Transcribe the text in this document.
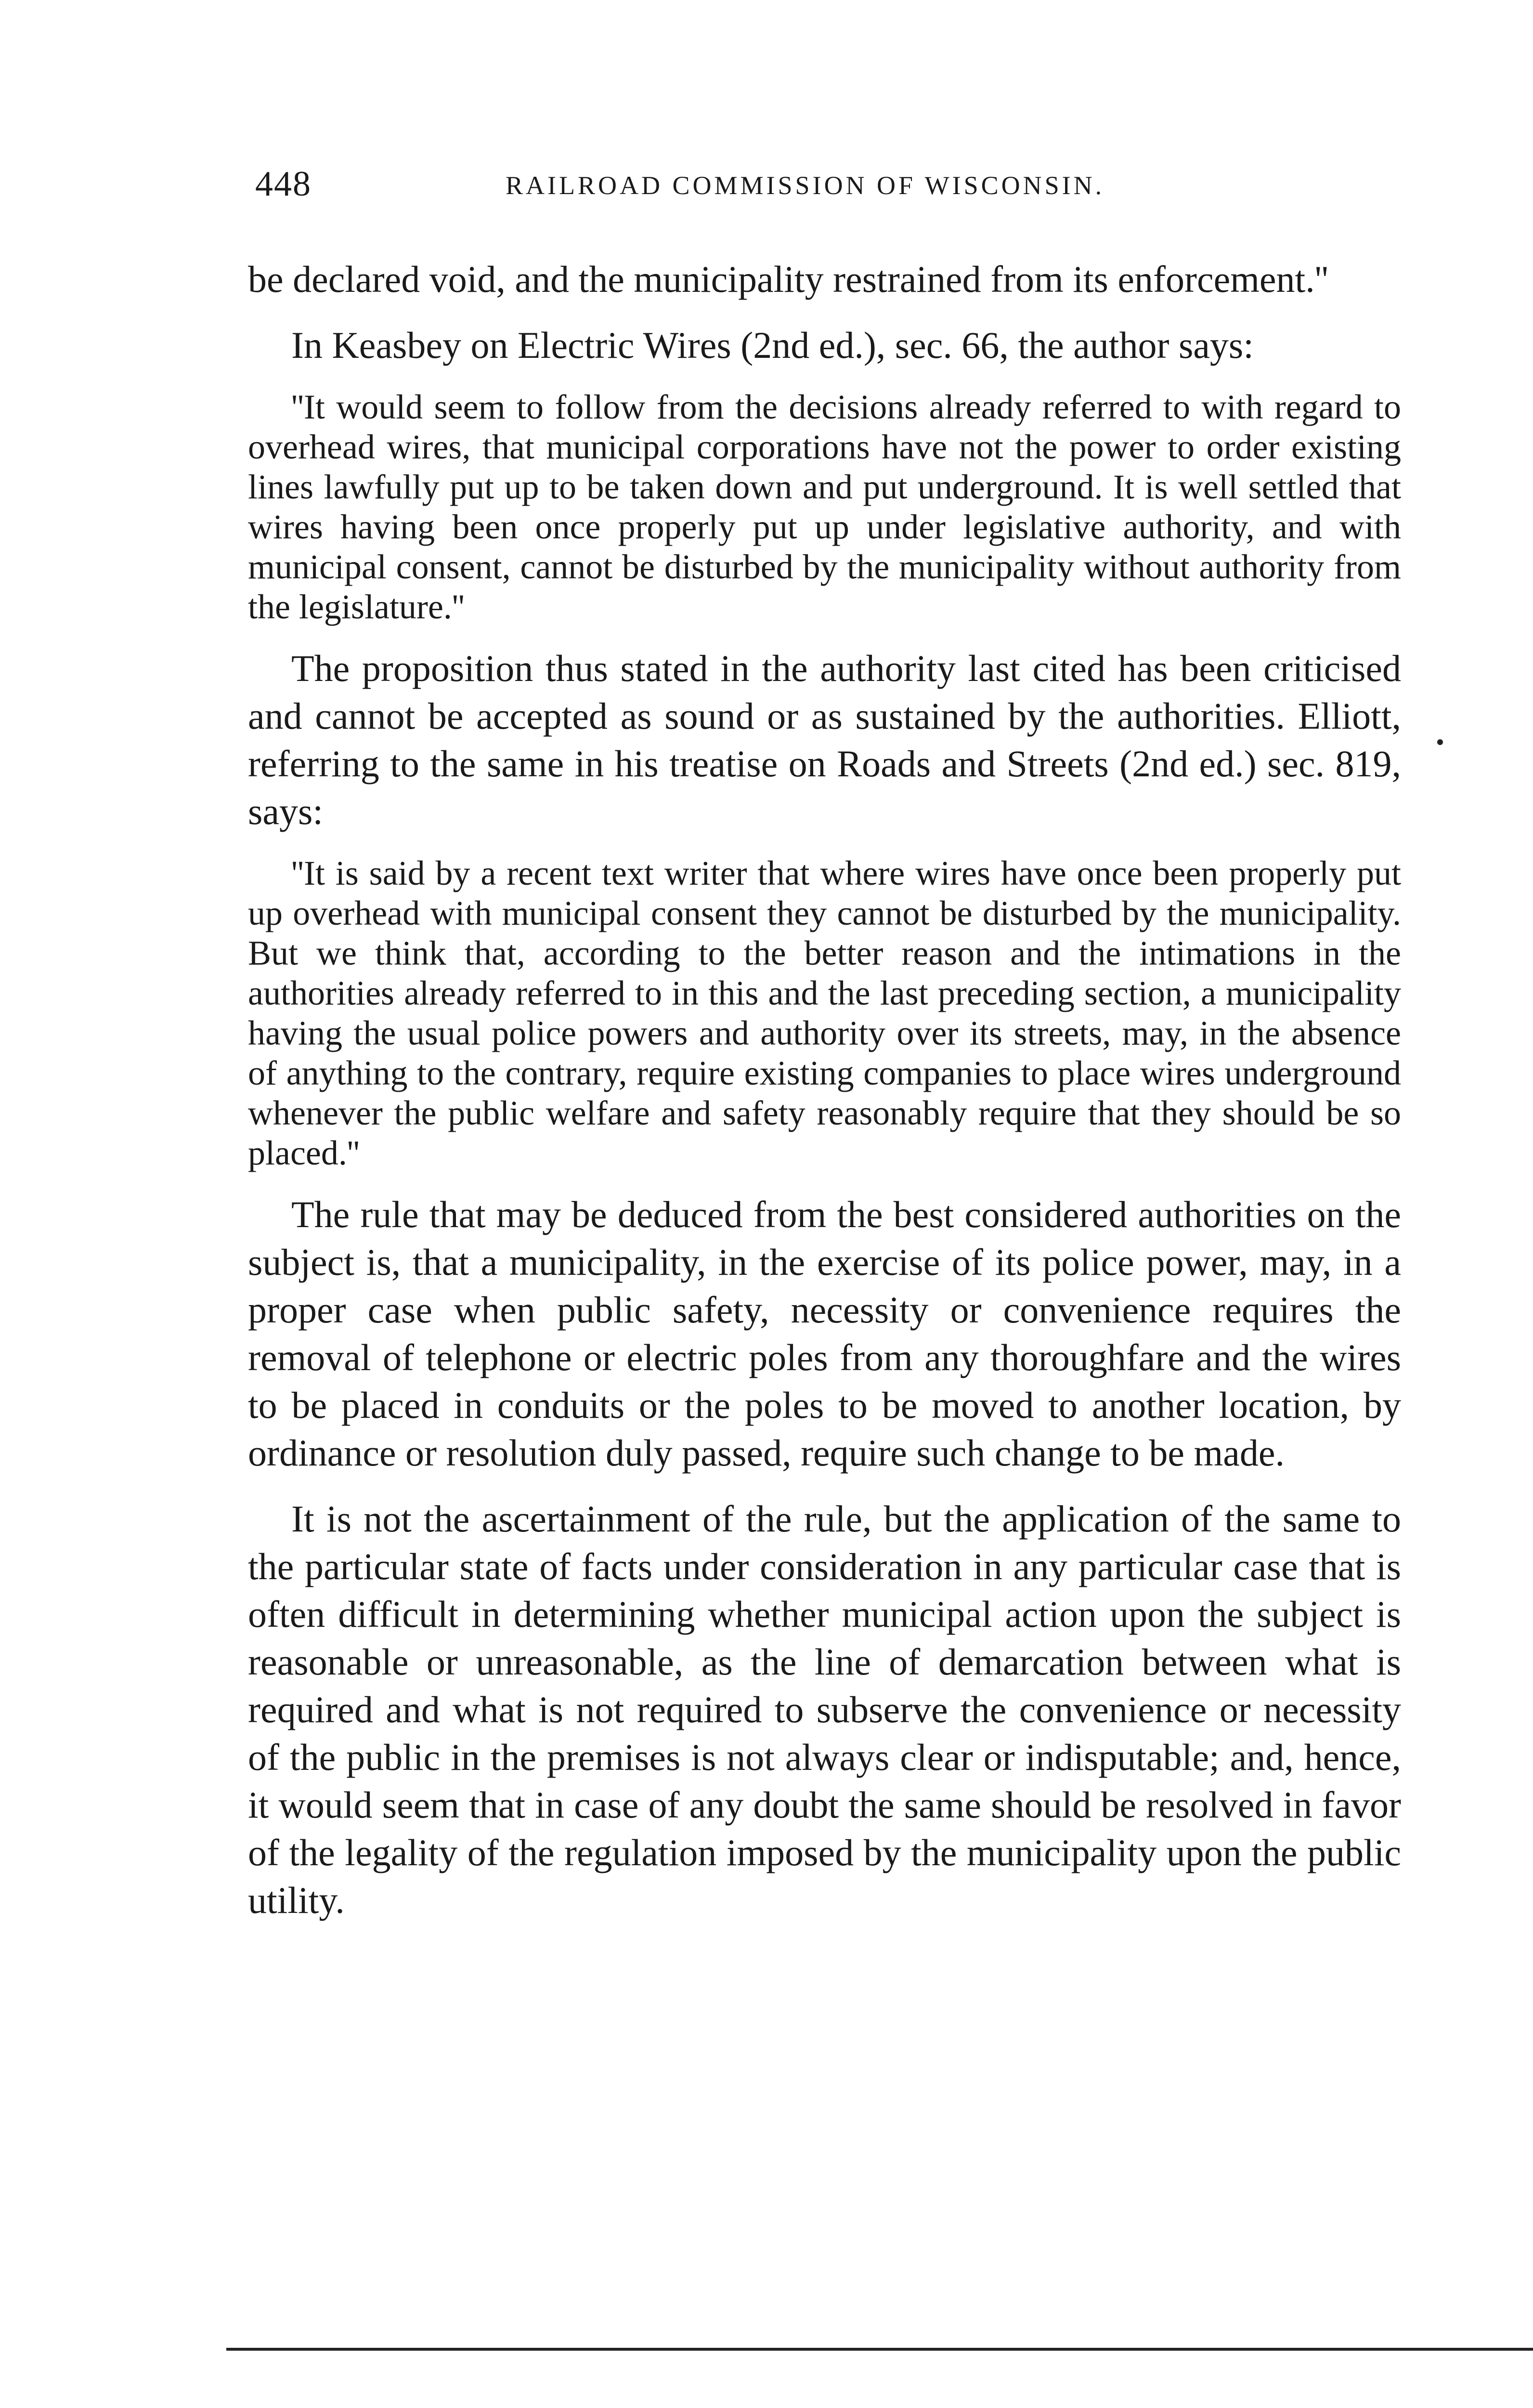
448	RAILROAD COMMISSION OF WISCONSIN.

be declared void, and the municipality restrained from its enforcement.''

In Keasbey on Electric Wires (2nd ed.), sec. 66, the author says:

''It would seem to follow from the decisions already referred to with regard to overhead wires, that municipal corporations have not the power to order existing lines lawfully put up to be taken down and put underground. It is well settled that wires having been once properly put up under legislative authority, and with municipal consent, cannot be disturbed by the municipality without authority from the legislature.''

The proposition thus stated in the authority last cited has been criticised and cannot be accepted as sound or as sustained by the authorities. Elliott, referring to the same in his treatise on Roads and Streets (2nd ed.) sec. 819, says:

''It is said by a recent text writer that where wires have once been properly put up overhead with municipal consent they cannot be disturbed by the municipality. But we think that, according to the better reason and the intimations in the authorities already referred to in this and the last preceding section, a municipality having the usual police powers and authority over its streets, may, in the absence of anything to the contrary, require existing companies to place wires underground whenever the public welfare and safety reasonably require that they should be so placed.''

The rule that may be deduced from the best considered authorities on the subject is, that a municipality, in the exercise of its police power, may, in a proper case when public safety, necessity or convenience requires the removal of telephone or electric poles from any thoroughfare and the wires to be placed in conduits or the poles to be moved to another location, by ordinance or resolution duly passed, require such change to be made.

It is not the ascertainment of the rule, but the application of the same to the particular state of facts under consideration in any particular case that is often difficult in determining whether municipal action upon the subject is reasonable or unreasonable, as the line of demarcation between what is required and what is not required to subserve the convenience or necessity of the public in the premises is not always clear or indisputable; and, hence, it would seem that in case of any doubt the same should be resolved in favor of the legality of the regulation imposed by the municipality upon the public utility.
